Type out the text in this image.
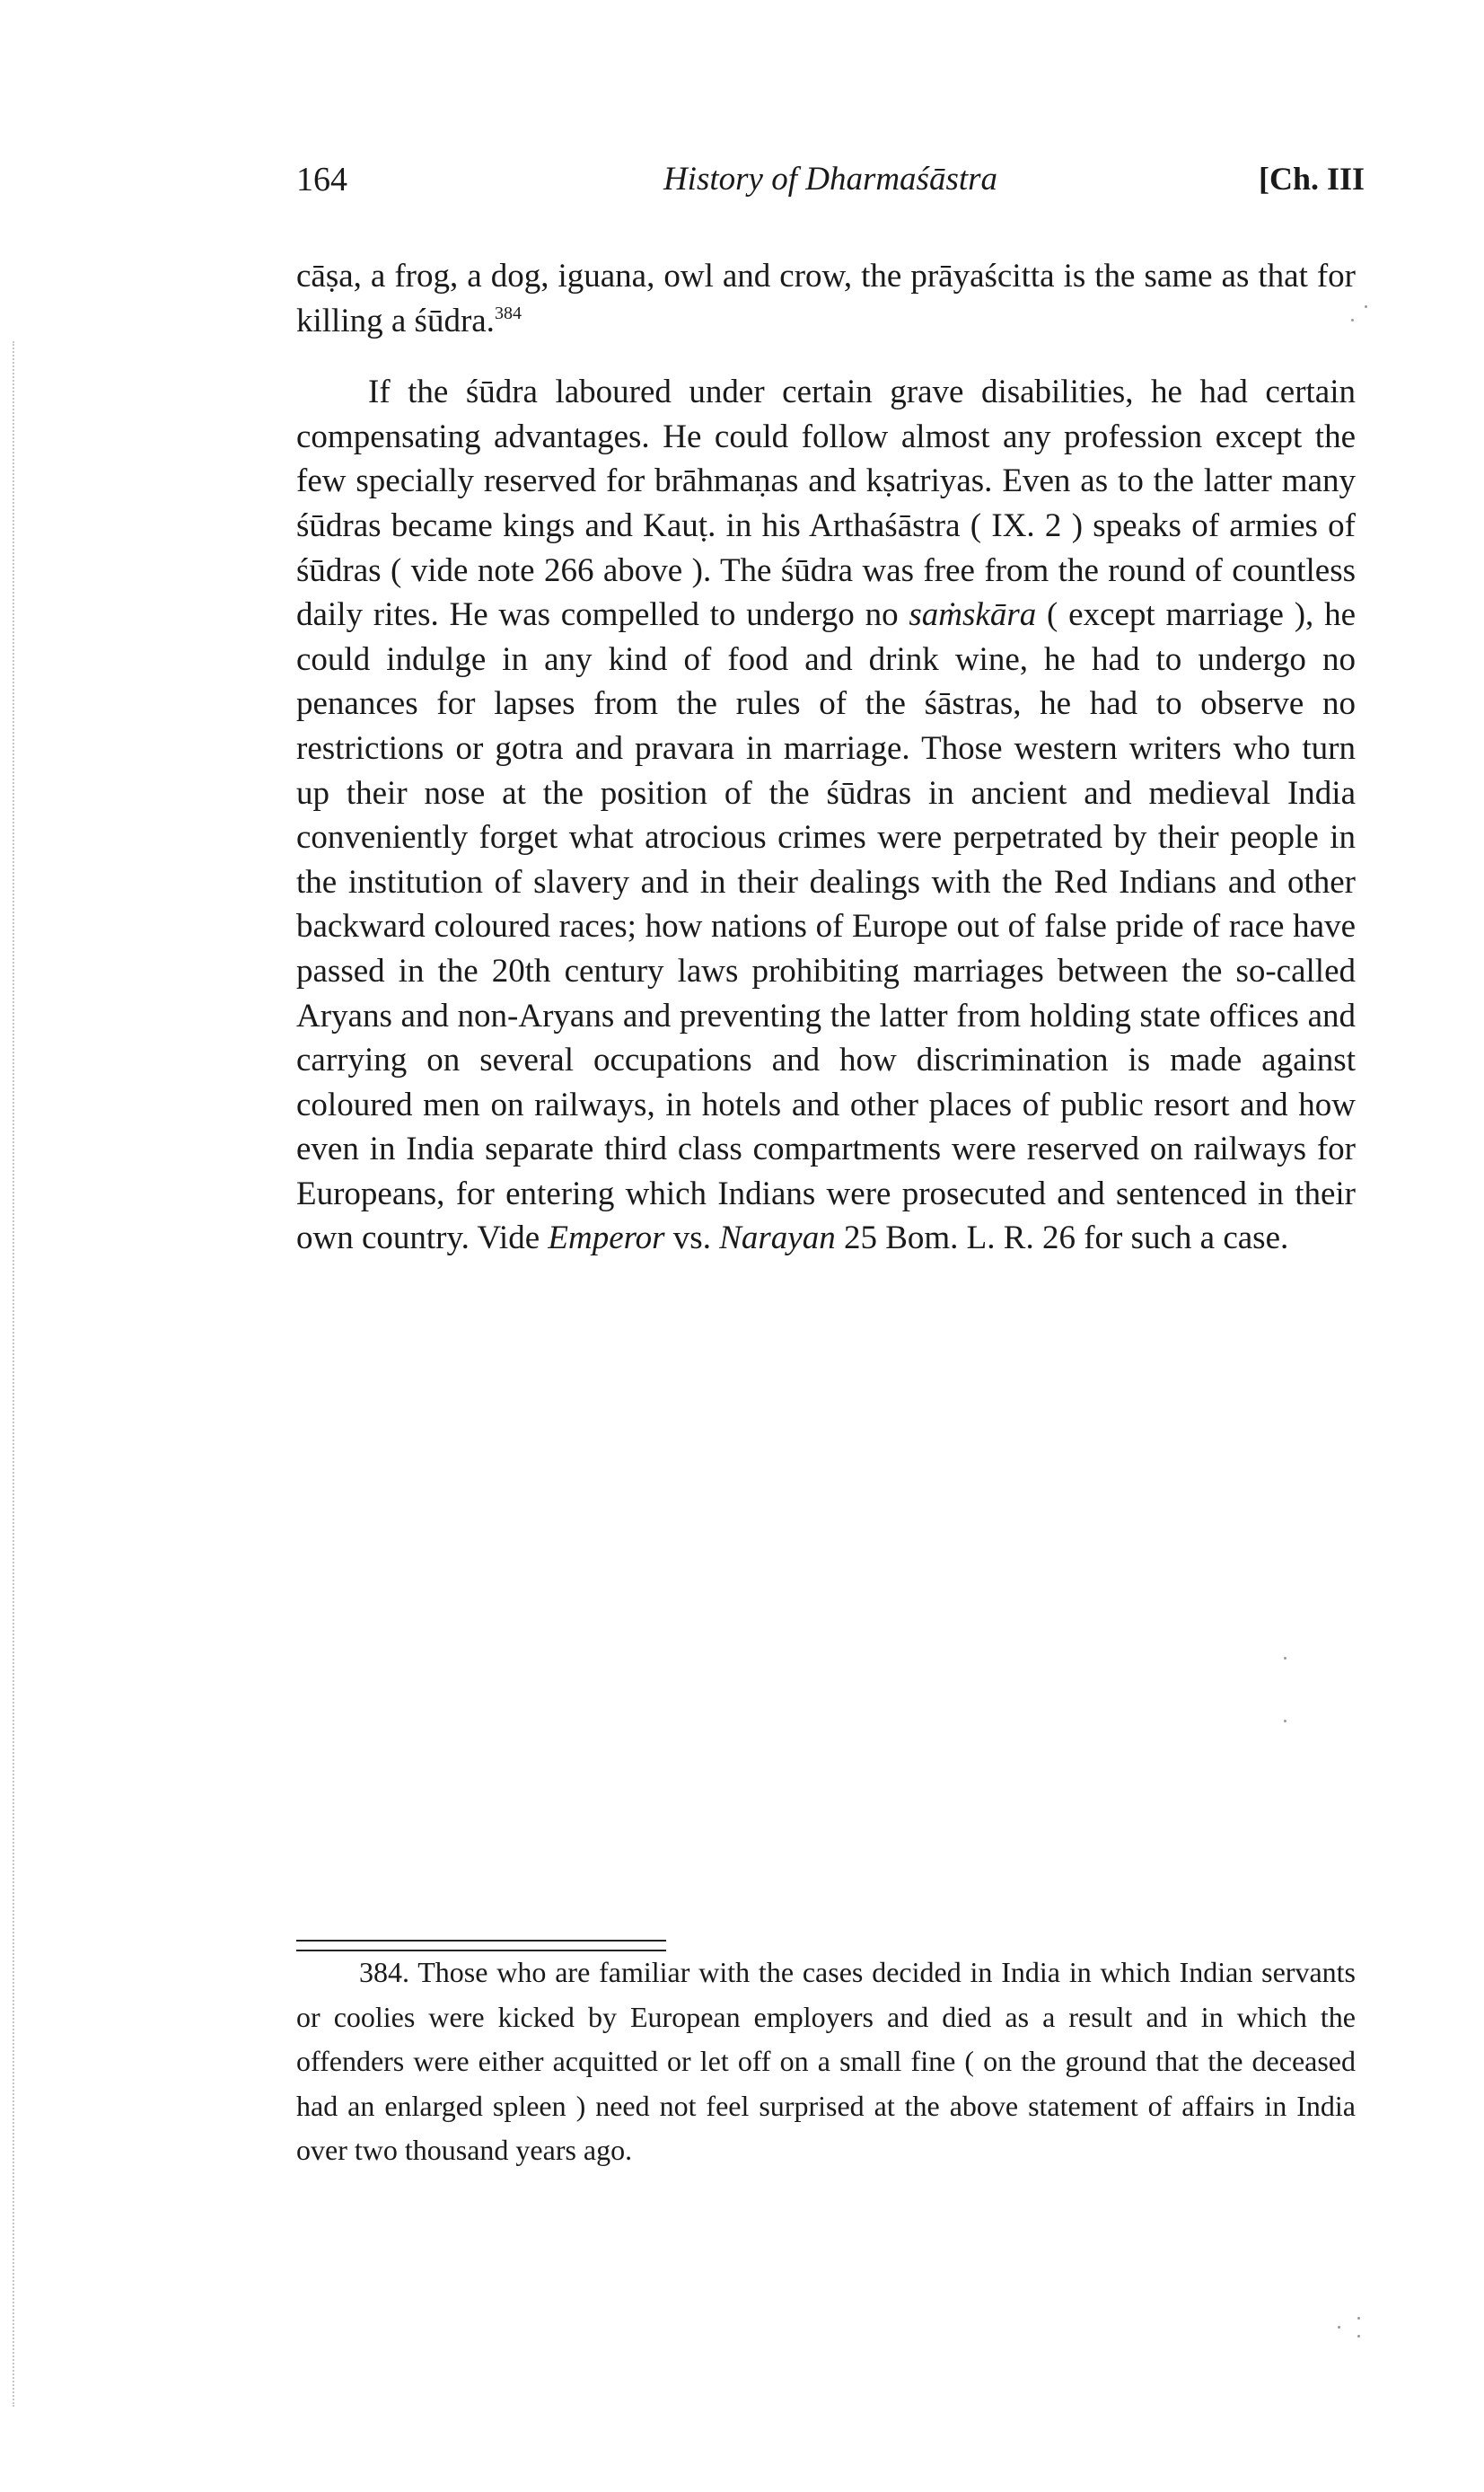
164	History of Dharmaśāstra	[Ch. III

cāṣa, a frog, a dog, iguana, owl and crow, the prāyaścitta is the same as that for killing a śūdra.$^{384}$

If the śūdra laboured under certain grave disabilities, he had certain compensating advantages. He could follow almost any profession except the few specially reserved for brāhmaṇas and kṣatriyas. Even as to the latter many śūdras became kings and Kauṭ. in his Arthaśāstra ( IX. 2 ) speaks of armies of śūdras ( vide note 266 above ). The śūdra was free from the round of countless daily rites. He was compelled to undergo no saṁskāra ( except marriage ), he could indulge in any kind of food and drink wine, he had to undergo no penances for lapses from the rules of the śāstras, he had to observe no restrictions or gotra and pravara in marriage. Those western writers who turn up their nose at the position of the śūdras in ancient and medieval India conveniently forget what atrocious crimes were perpetrated by their people in the institution of slavery and in their dealings with the Red Indians and other backward coloured races; how nations of Europe out of false pride of race have passed in the 20th century laws prohibiting marriages between the so-called Aryans and non-Aryans and preventing the latter from holding state offices and carrying on several occupations and how discrimination is made against coloured men on railways, in hotels and other places of public resort and how even in India separate third class compartments were reserved on railways for Europeans, for entering which Indians were prosecuted and sentenced in their own country. Vide Emperor vs. Narayan 25 Bom. L. R. 26 for such a case.

384. Those who are familiar with the cases decided in India in which Indian servants or coolies were kicked by European employers and died as a result and in which the offenders were either acquitted or let off on a small fine ( on the ground that the deceased had an enlarged spleen ) need not feel surprised at the above statement of affairs in India over two thousand years ago.
